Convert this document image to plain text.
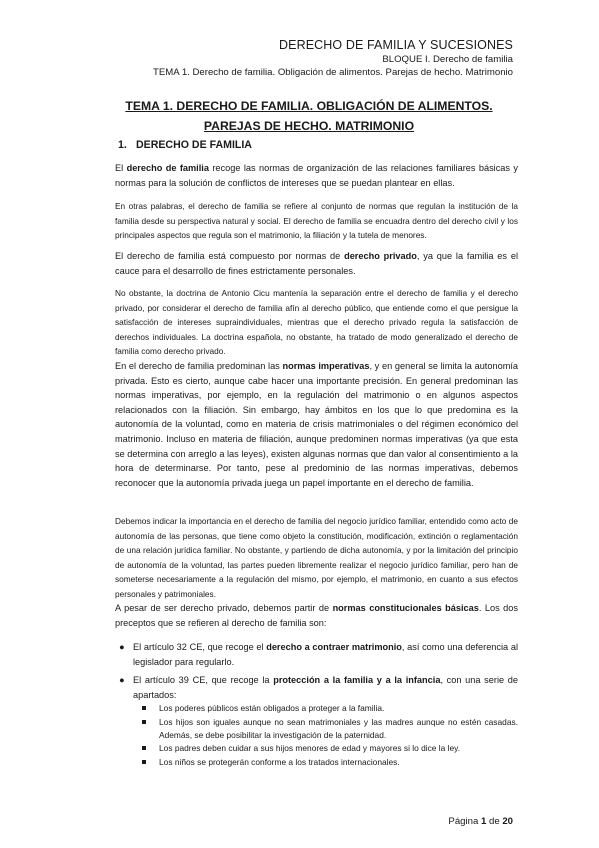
DERECHO DE FAMILIA Y SUCESIONES
BLOQUE I. Derecho de familia
TEMA 1. Derecho de familia. Obligación de alimentos. Parejas de hecho. Matrimonio
TEMA 1. DERECHO DE FAMILIA. OBLIGACIÓN DE ALIMENTOS. PAREJAS DE HECHO. MATRIMONIO
1. DERECHO DE FAMILIA

El derecho de familia recoge las normas de organización de las relaciones familiares básicas y normas para la solución de conflictos de intereses que se puedan plantear en ellas.

En otras palabras, el derecho de familia se refiere al conjunto de normas que regulan la institución de la familia desde su perspectiva natural y social. El derecho de familia se encuadra dentro del derecho civil y los principales aspectos que regula son el matrimonio, la filiación y la tutela de menores.

El derecho de familia está compuesto por normas de derecho privado, ya que la familia es el cauce para el desarrollo de fines estrictamente personales.

No obstante, la doctrina de Antonio Cicu mantenía la separación entre el derecho de familia y el derecho privado, por considerar el derecho de familia afín al derecho público, que entiende como el que persigue la satisfacción de intereses supraindividuales, mientras que el derecho privado regula la satisfacción de derechos individuales. La doctrina española, no obstante, ha tratado de modo generalizado el derecho de familia como derecho privado.

En el derecho de familia predominan las normas imperativas, y en general se limita la autonomía privada. Esto es cierto, aunque cabe hacer una importante precisión. En general predominan las normas imperativas, por ejemplo, en la regulación del matrimonio o en algunos aspectos relacionados con la filiación. Sin embargo, hay ámbitos en los que lo que predomina es la autonomía de la voluntad, como en materia de crisis matrimoniales o del régimen económico del matrimonio. Incluso en materia de filiación, aunque predominen normas imperativas (ya que esta se determina con arreglo a las leyes), existen algunas normas que dan valor al consentimiento a la hora de determinarse. Por tanto, pese al predominio de las normas imperativas, debemos reconocer que la autonomía privada juega un papel importante en el derecho de familia.

Debemos indicar la importancia en el derecho de familia del negocio jurídico familiar, entendido como acto de autonomía de las personas, que tiene como objeto la constitución, modificación, extinción o reglamentación de una relación jurídica familiar. No obstante, y partiendo de dicha autonomía, y por la limitación del principio de autonomía de la voluntad, las partes pueden libremente realizar el negocio jurídico familiar, pero han de someterse necesariamente a la regulación del mismo, por ejemplo, el matrimonio, en cuanto a sus efectos personales y patrimoniales.

A pesar de ser derecho privado, debemos partir de normas constitucionales básicas. Los dos preceptos que se refieren al derecho de familia son:

● El artículo 32 CE, que recoge el derecho a contraer matrimonio, así como una deferencia al legislador para regularlo.
● El artículo 39 CE, que recoge la protección a la familia y a la infancia, con una serie de apartados:
Los poderes públicos están obligados a proteger a la familia.
Los hijos son iguales aunque no sean matrimoniales y las madres aunque no estén casadas. Además, se debe posibilitar la investigación de la paternidad.
Los padres deben cuidar a sus hijos menores de edad y mayores si lo dice la ley.
Los niños se protegerán conforme a los tratados internacionales.
Página 1 de 20
